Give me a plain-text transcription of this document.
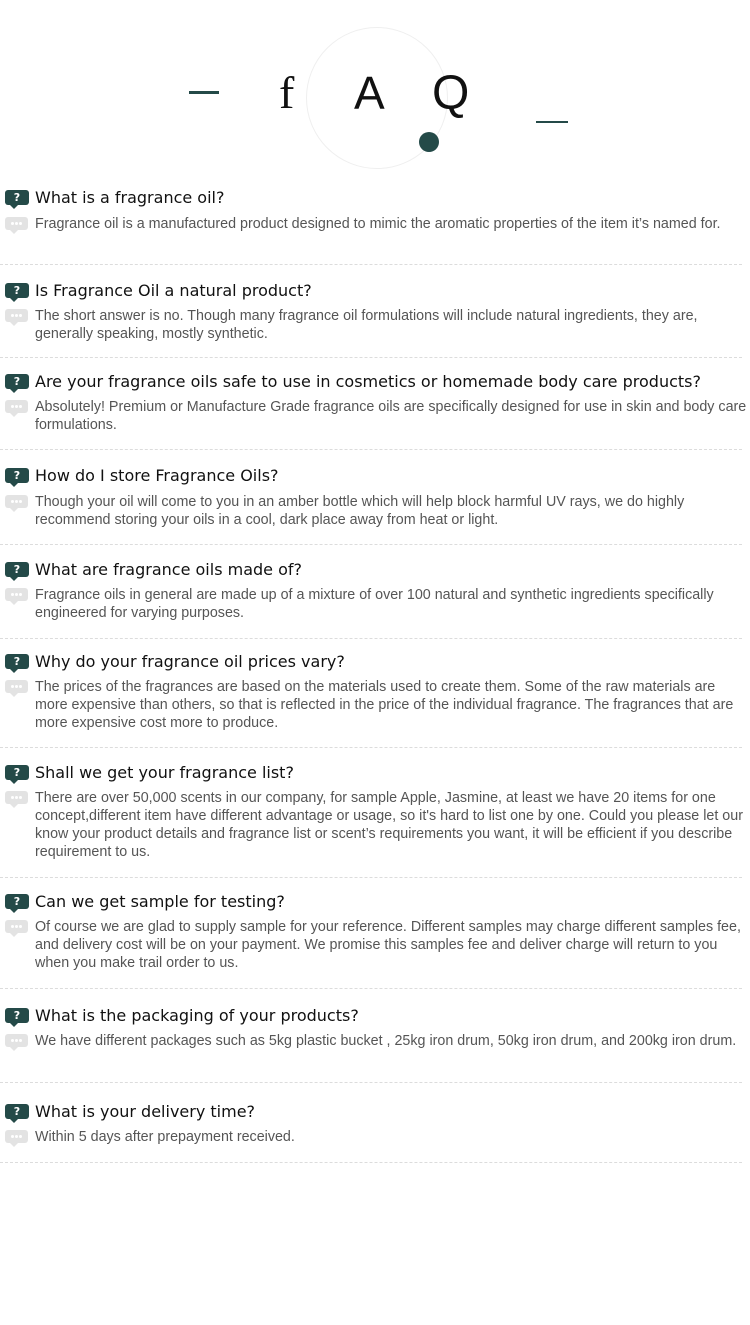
f A Q
? What is a fragrance oil?
Fragrance oil is a manufactured product designed to mimic the aromatic properties of the item it’s named for.
? Is Fragrance Oil a natural product?
The short answer is no. Though many fragrance oil formulations will include natural ingredients, they are, generally speaking, mostly synthetic.
? Are your fragrance oils safe to use in cosmetics or homemade body care products?
Absolutely! Premium or Manufacture Grade fragrance oils are specifically designed for use in skin and body care formulations.
? How do I store Fragrance Oils?
Though your oil will come to you in an amber bottle which will help block harmful UV rays, we do highly recommend storing your oils in a cool, dark place away from heat or light.
? What are fragrance oils made of?
Fragrance oils in general are made up of a mixture of over 100 natural and synthetic ingredients specifically engineered for varying purposes.
? Why do your fragrance oil prices vary?
The prices of the fragrances are based on the materials used to create them. Some of the raw materials are more expensive than others, so that is reflected in the price of the individual fragrance. The fragrances that are more expensive cost more to produce.
? Shall we get your fragrance list?
There are over 50,000 scents in our company, for sample Apple, Jasmine, at least we have 20 items for one concept,different item have different advantage or usage, so it's hard to list one by one. Could you please let our know your product details and fragrance list or scent’s requirements you want, it will be efficient if you describe requirement to us.
? Can we get sample for testing?
Of course we are glad to supply sample for your reference. Different samples may charge different samples fee, and delivery cost will be on your payment. We promise this samples fee and deliver charge will return to you when you make trail order to us.
? What is the packaging of your products?
We have different packages such as 5kg plastic bucket , 25kg iron drum, 50kg iron drum, and 200kg iron drum.
? What is your delivery time?
Within 5 days after prepayment received.
